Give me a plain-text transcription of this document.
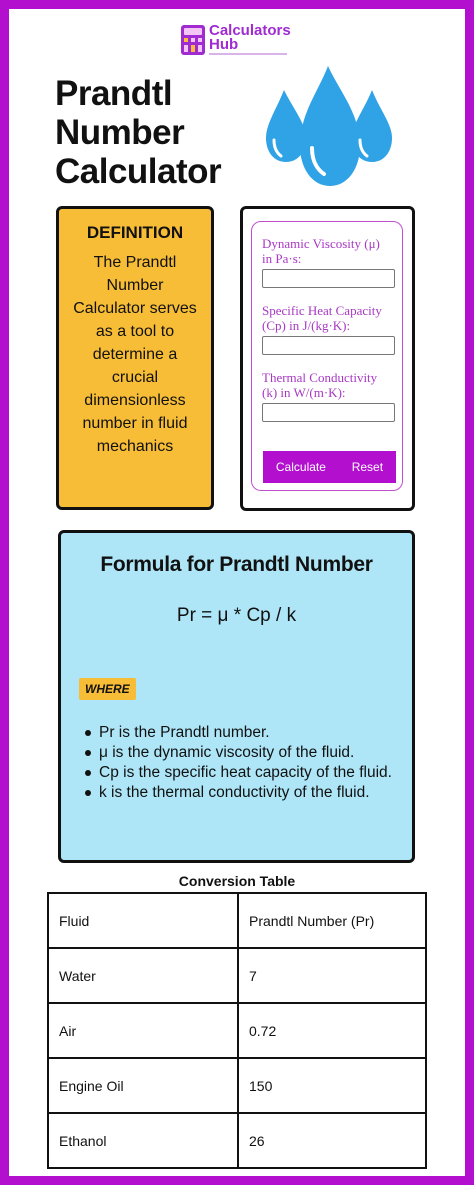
Calculators
Hub
Prandtl Number Calculator
DEFINITION
The Prandtl Number Calculator serves as a tool to determine a crucial dimensionless number in fluid mechanics
Dynamic Viscosity (μ) in Pa·s:
Specific Heat Capacity (Cp) in J/(kg·K):
Thermal Conductivity (k) in W/(m·K):
Calculate Reset
Formula for Prandtl Number
Pr = μ * Cp / k
WHERE
Pr is the Prandtl number.
μ is the dynamic viscosity of the fluid.
Cp is the specific heat capacity of the fluid.
k is the thermal conductivity of the fluid.
Conversion Table
Fluid	Prandtl Number (Pr)
Water	7
Air	0.72
Engine Oil	150
Ethanol	26
